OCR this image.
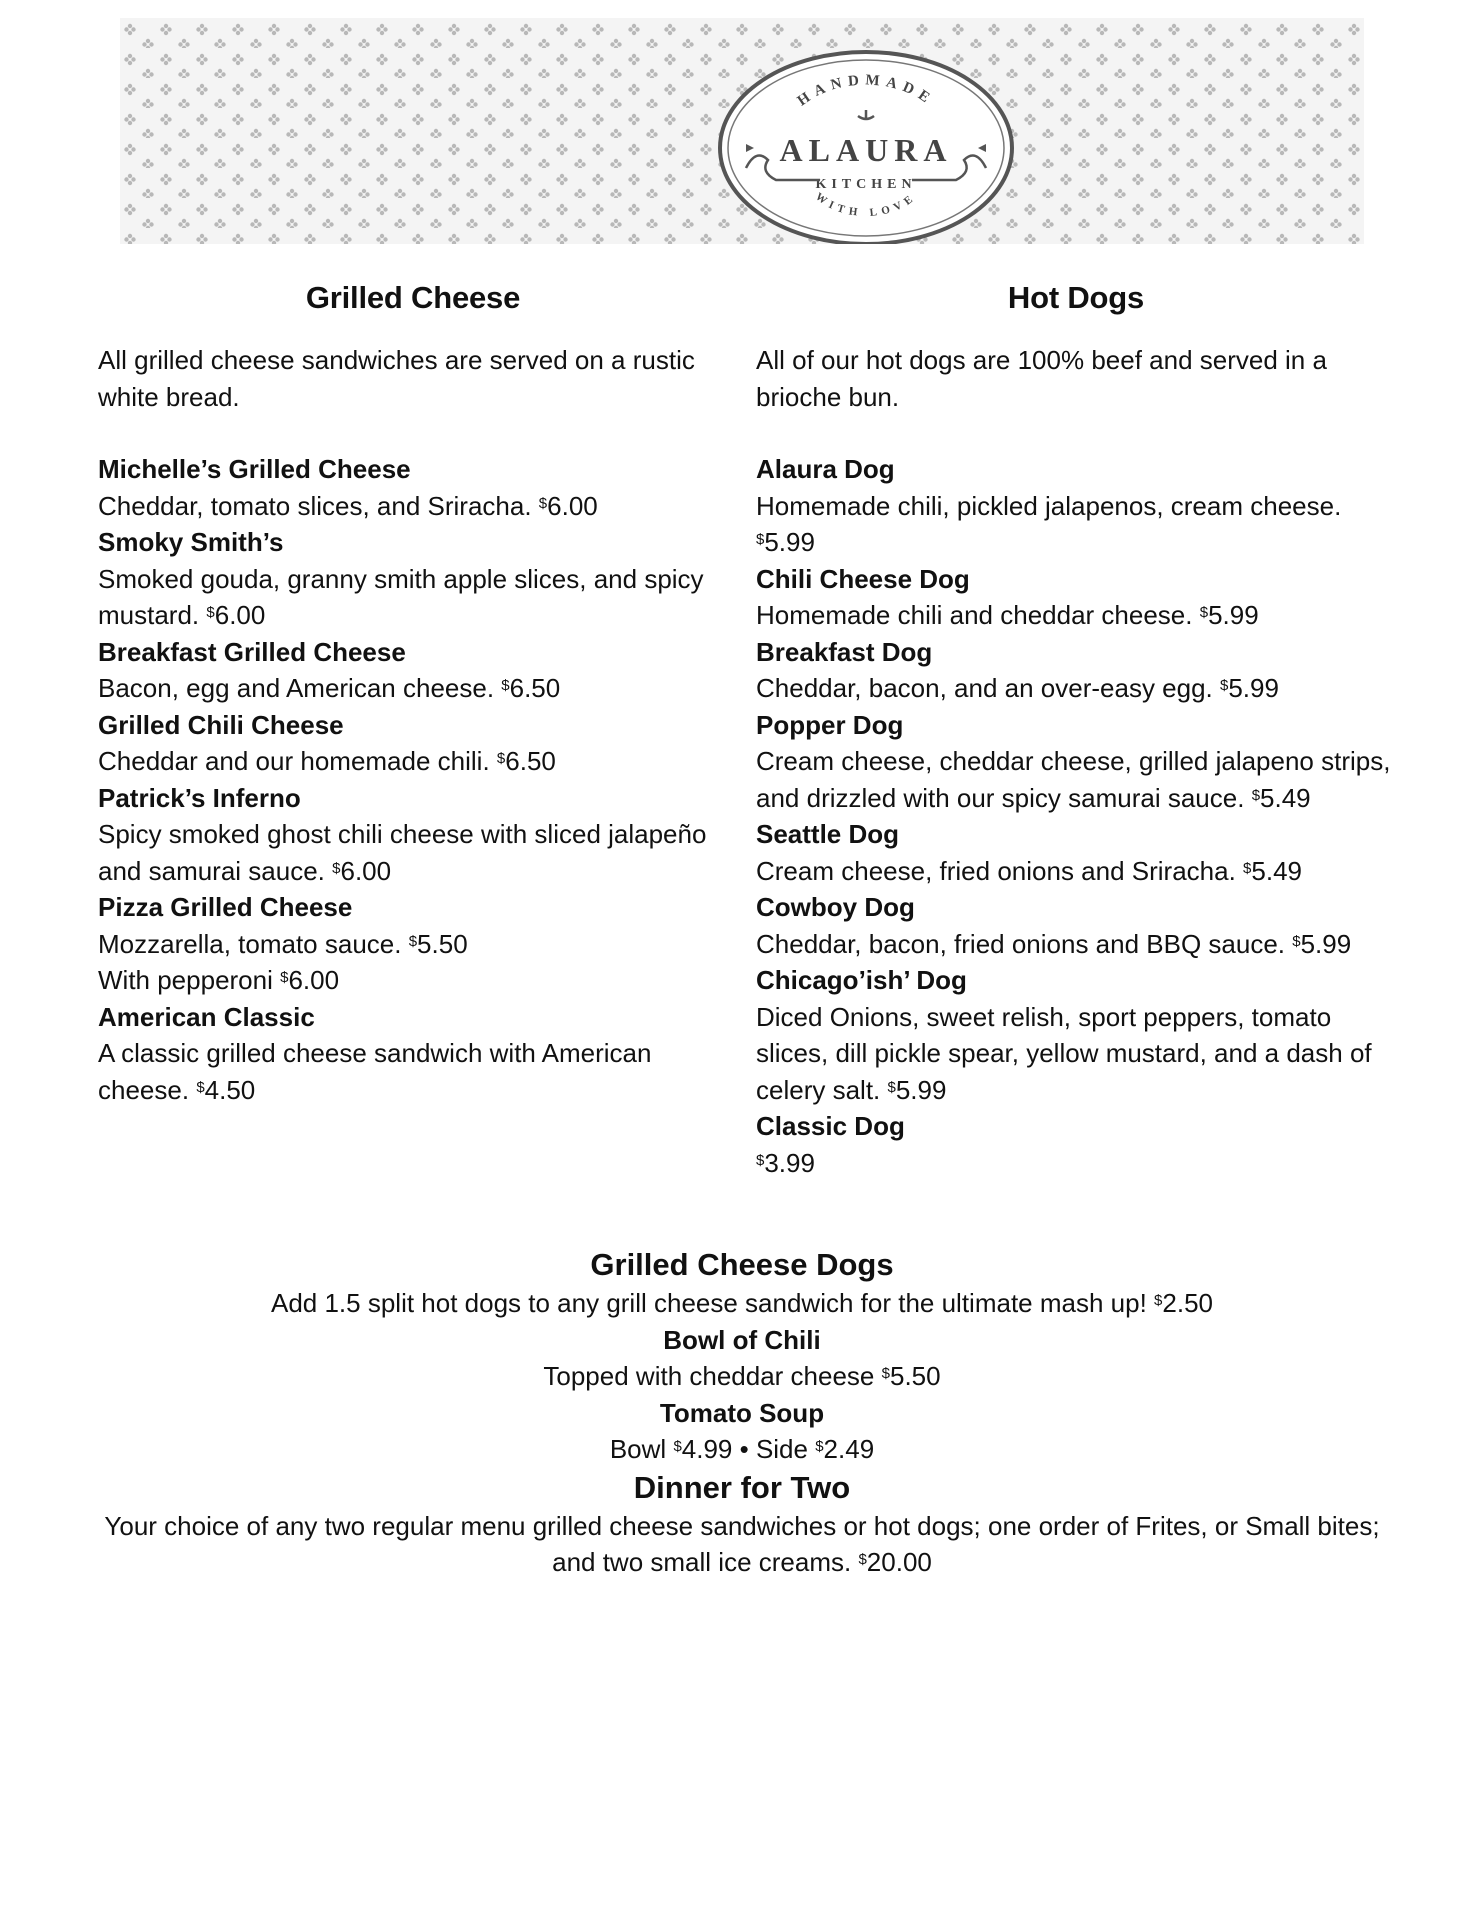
HANDMADE
WITH LOVE
ALAURA
KITCHEN
Grilled Cheese

All grilled cheese sandwiches are served on a rustic white bread.

Michelle’s Grilled Cheese

Cheddar, tomato slices, and Sriracha. $6.00

Smoky Smith’s

Smoked gouda, granny smith apple slices, and spicy mustard. $6.00

Breakfast Grilled Cheese

Bacon, egg and American cheese. $6.50

Grilled Chili Cheese

Cheddar and our homemade chili. $6.50

Patrick’s Inferno

Spicy smoked ghost chili cheese with sliced jalapeño and samurai sauce. $6.00

Pizza Grilled Cheese

Mozzarella, tomato sauce. $5.50

With pepperoni $6.00

American Classic

A classic grilled cheese sandwich with American cheese. $4.50

Hot Dogs

All of our hot dogs are 100% beef and served in a brioche bun.

Alaura Dog

Homemade chili, pickled jalapenos, cream cheese. $5.99

Chili Cheese Dog

Homemade chili and cheddar cheese. $5.99

Breakfast Dog

Cheddar, bacon, and an over-easy egg. $5.99

Popper Dog

Cream cheese, cheddar cheese, grilled jalapeno strips, and drizzled with our spicy samurai sauce. $5.49

Seattle Dog

Cream cheese, fried onions and Sriracha. $5.49

Cowboy Dog

Cheddar, bacon, fried onions and BBQ sauce. $5.99

Chicago’ish’ Dog

Diced Onions, sweet relish, sport peppers, tomato slices, dill pickle spear, yellow mustard, and a dash of celery salt. $5.99

Classic Dog

$3.99

Grilled Cheese Dogs

Add 1.5 split hot dogs to any grill cheese sandwich for the ultimate mash up! $2.50

Bowl of Chili

Topped with cheddar cheese $5.50

Tomato Soup

Bowl $4.99 • Side $2.49

Dinner for Two

Your choice of any two regular menu grilled cheese sandwiches or hot dogs; one order of Frites, or Small bites; and two small ice creams. $20.00
